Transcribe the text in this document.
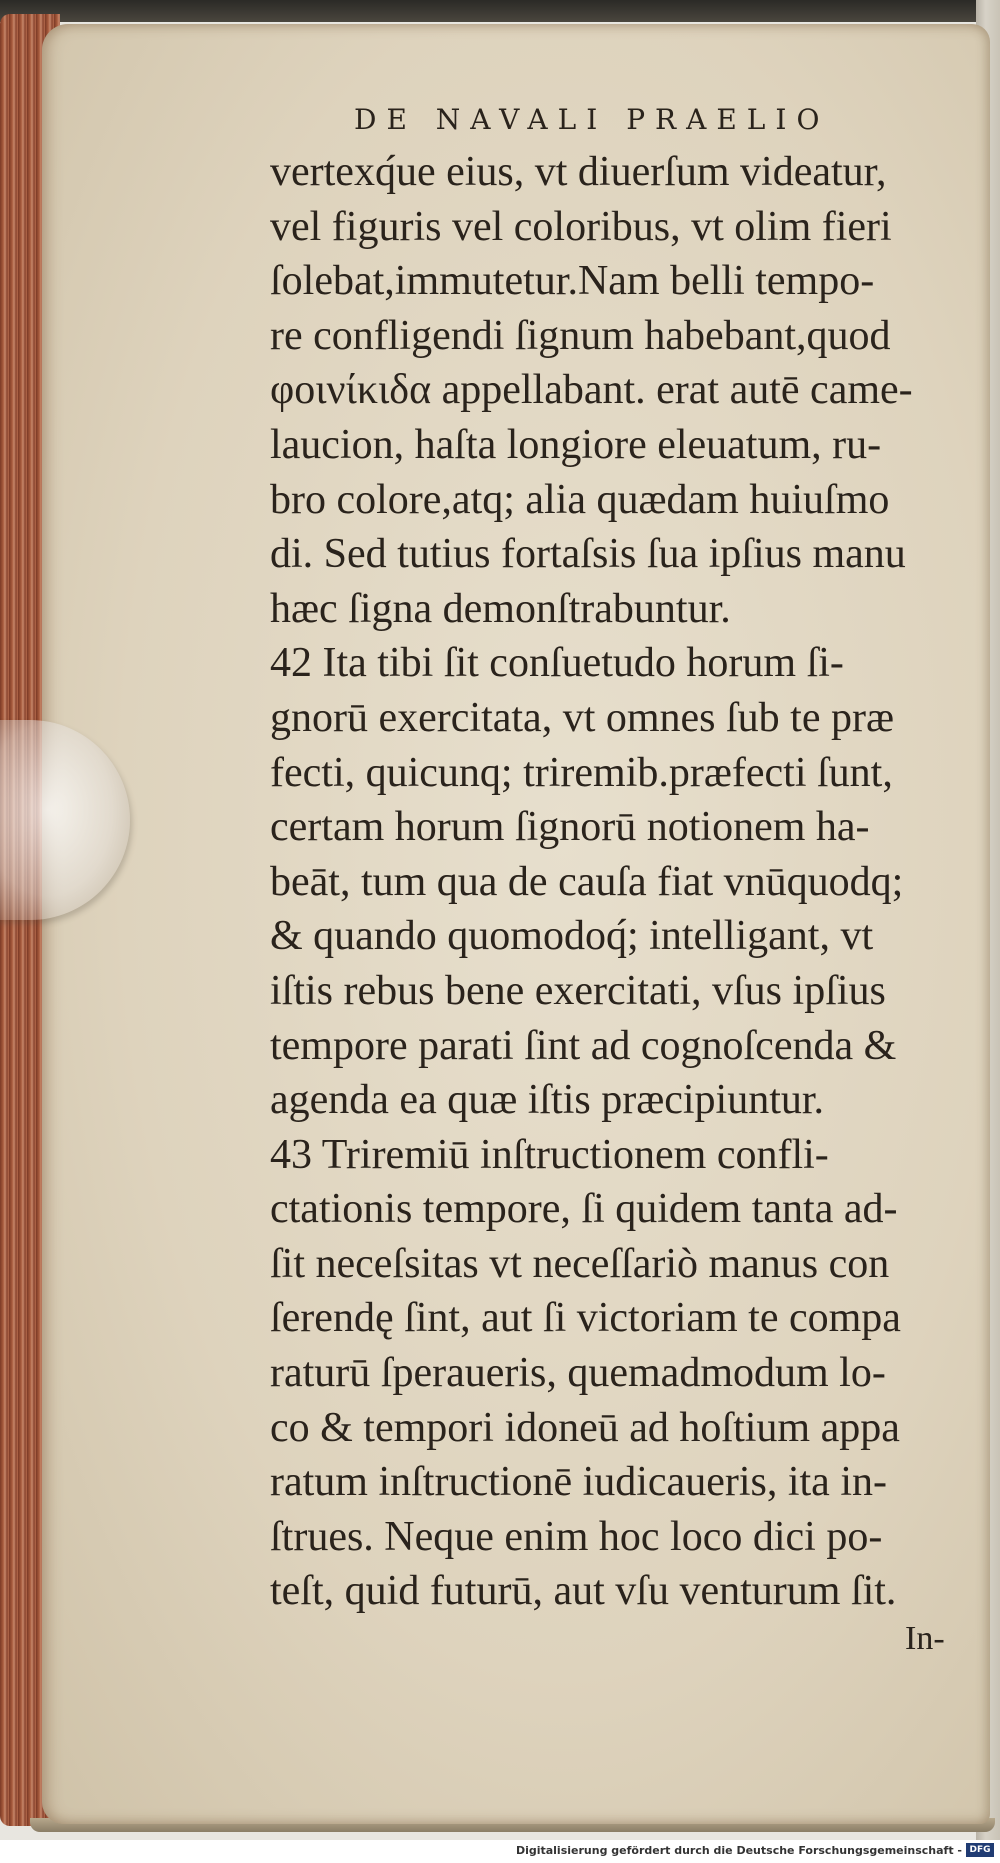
DE NAVALI PRAELIO
vertexq́ue eius, vt diuerſum videatur,
vel figuris vel coloribus, vt olim fieri
ſolebat,immutetur.Nam belli tempo-
re confligendi ſignum habebant,quod
φοινίκιδα appellabant. erat autē came-
laucion, haſta longiore eleuatum, ru-
bro colore,atq; alia quædam huiuſmo
di. Sed tutius fortaſsis ſua ipſius manu
hæc ſigna demonſtrabuntur.
42 Ita tibi ſit conſuetudo horum ſi-
gnorū exercitata, vt omnes ſub te præ
fecti, quicunq; triremib.præfecti ſunt,
certam horum ſignorū notionem ha-
beāt, tum qua de cauſa fiat vnūquodq;
& quando quomodoq́; intelligant, vt
iſtis rebus bene exercitati, vſus ipſius
tempore parati ſint ad cognoſcenda &
agenda ea quæ iſtis præcipiuntur.
43 Triremiū inſtructionem confli-
ctationis tempore, ſi quidem tanta ad-
ſit neceſsitas vt neceſſariò manus con
ſerendę ſint, aut ſi victoriam te compa
raturū ſperaueris, quemadmodum lo-
co & tempori idoneū ad hoſtium appa
ratum inſtructionē iudicaueris, ita in-
ſtrues. Neque enim hoc loco dici po-
teſt, quid futurū, aut vſu venturum ſit.
In-
Digitalisierung gefördert durch die Deutsche Forschungsgemeinschaft - DFG
